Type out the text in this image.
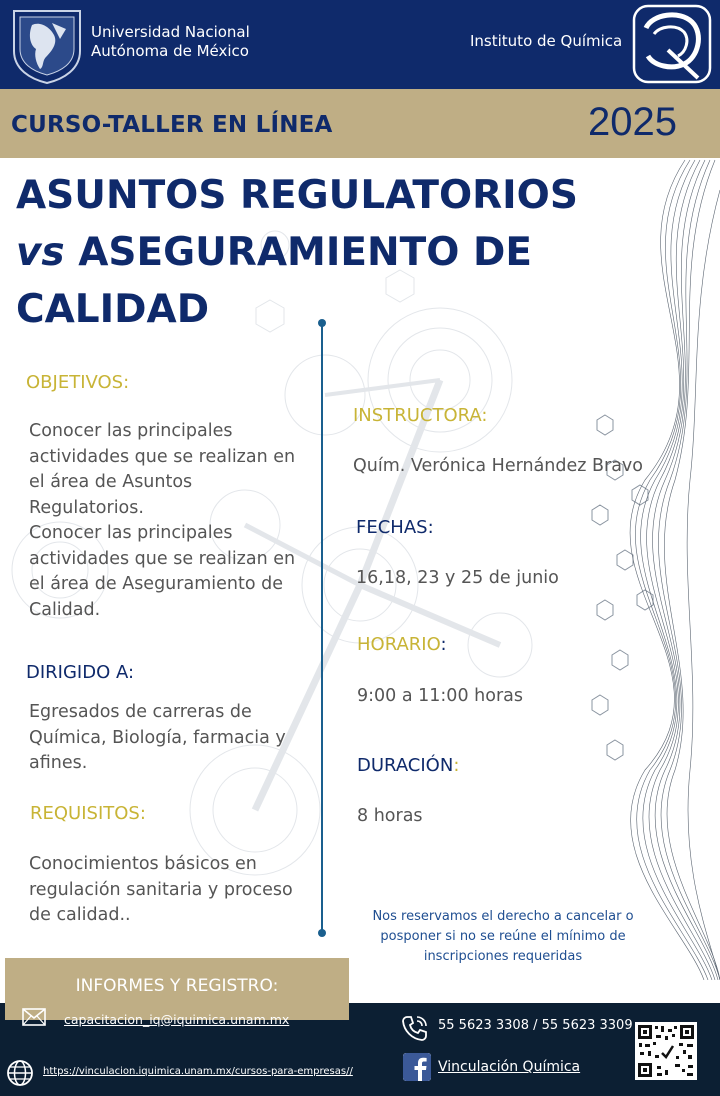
Universidad Nacional
Autónoma de México
Instituto de Química
CURSO-TALLER EN LÍNEA	2025
ASUNTOS REGULATORIOS
vs ASEGURAMIENTO DE
CALIDAD
OBJETIVOS:
Conocer las principales actividades que se realizan en el área de Asuntos Regulatorios.
Conocer las principales actividades que se realizan en el área de Aseguramiento de Calidad.
DIRIGIDO A:
Egresados de carreras de Química, Biología, farmacia y afines.
REQUISITOS:
Conocimientos básicos en regulación sanitaria y proceso de calidad..
INSTRUCTORA:
Quím. Verónica Hernández Bravo
FECHAS:
16,18, 23 y 25 de junio
HORARIO:
9:00 a 11:00 horas
DURACIÓN:
8 horas
Nos reservamos el derecho a cancelar o posponer si no se reúne el mínimo de inscripciones requeridas
INFORMES Y REGISTRO:
capacitacion_iq@iquimica.unam.mx
https://vinculacion.iquimica.unam.mx/cursos-para-empresas//
55 5623 3308 / 55 5623 3309
Vinculación Química
